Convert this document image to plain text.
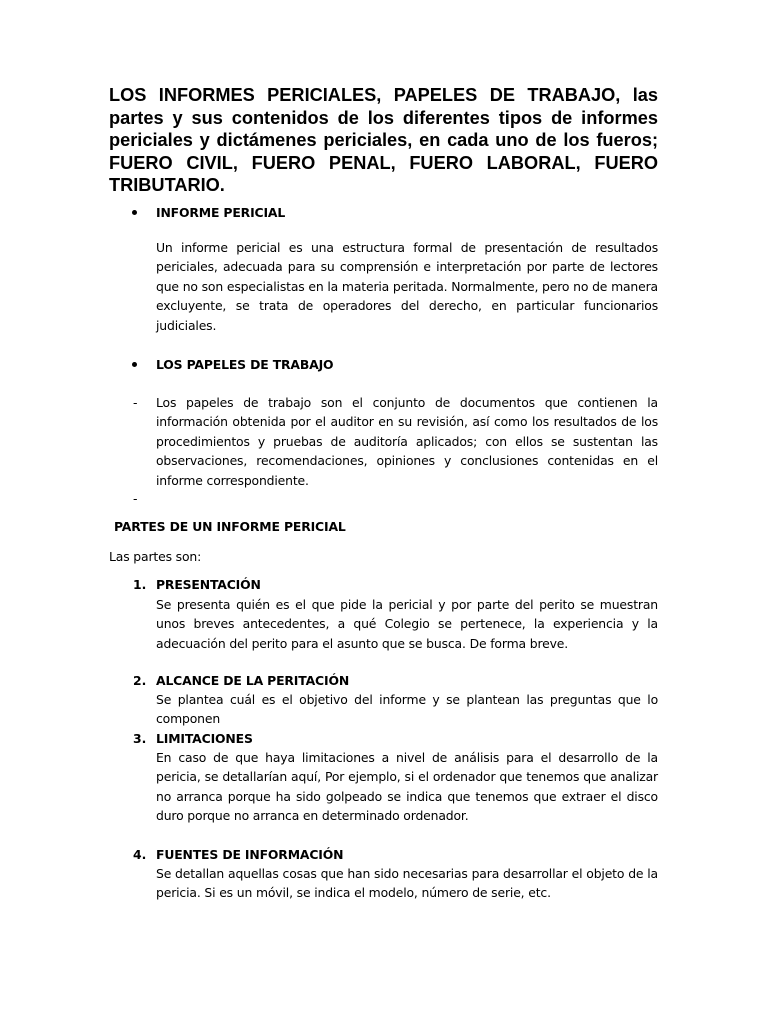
LOS INFORMES PERICIALES, PAPELES DE TRABAJO, las partes y sus contenidos de los diferentes tipos de informes periciales y dictámenes periciales, en cada uno de los fueros; FUERO CIVIL, FUERO PENAL, FUERO LABORAL, FUERO TRIBUTARIO.
INFORME PERICIAL
Un informe pericial es una estructura formal de presentación de resultados periciales, adecuada para su comprensión e interpretación por parte de lectores que no son especialistas en la materia peritada. Normalmente, pero no de manera excluyente, se trata de operadores del derecho, en particular funcionarios judiciales.
LOS PAPELES DE TRABAJO
- Los papeles de trabajo son el conjunto de documentos que contienen la información obtenida por el auditor en su revisión, así como los resultados de los procedimientos y pruebas de auditoría aplicados; con ellos se sustentan las observaciones, recomendaciones, opiniones y conclusiones contenidas en el informe correspondiente.
-
PARTES DE UN INFORME PERICIAL
Las partes son:
1. PRESENTACIÓN
Se presenta quién es el que pide la pericial y por parte del perito se muestran unos breves antecedentes, a qué Colegio se pertenece, la experiencia y la adecuación del perito para el asunto que se busca. De forma breve.
2. ALCANCE DE LA PERITACIÓN
Se plantea cuál es el objetivo del informe y se plantean las preguntas que lo componen
3. LIMITACIONES
En caso de que haya limitaciones a nivel de análisis para el desarrollo de la pericia, se detallarían aquí, Por ejemplo, si el ordenador que tenemos que analizar no arranca porque ha sido golpeado se indica que tenemos que extraer el disco duro porque no arranca en determinado ordenador.
4. FUENTES DE INFORMACIÓN
Se detallan aquellas cosas que han sido necesarias para desarrollar el objeto de la pericia. Si es un móvil, se indica el modelo, número de serie, etc.
